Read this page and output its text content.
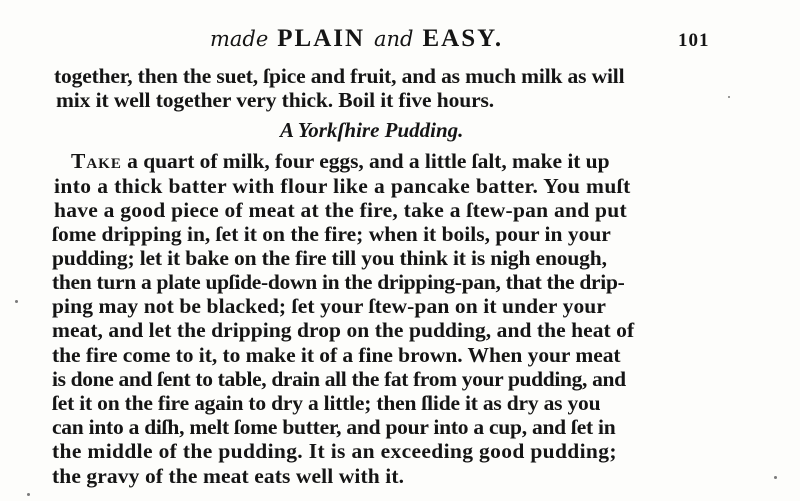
made PLAIN and EASY.	101
together, then the suet, ſpice and fruit, and as much milk as will
mix it well together very thick. Boil it five hours.
A Yorkſhire Pudding.
Take a quart of milk, four eggs, and a little ſalt, make it up
into a thick batter with flour like a pancake batter. You muſt
have a good piece of meat at the fire, take a ſtew-pan and put
ſome dripping in, ſet it on the fire; when it boils, pour in your
pudding; let it bake on the fire till you think it is nigh enough,
then turn a plate upſide-down in the dripping-pan, that the drip-
ping may not be blacked; ſet your ſtew-pan on it under your
meat, and let the dripping drop on the pudding, and the heat of
the fire come to it, to make it of a fine brown. When your meat
is done and ſent to table, drain all the fat from your pudding, and
ſet it on the fire again to dry a little; then ſlide it as dry as you
can into a diſh, melt ſome butter, and pour into a cup, and ſet in
the middle of the pudding. It is an exceeding good pudding;
the gravy of the meat eats well with it.
